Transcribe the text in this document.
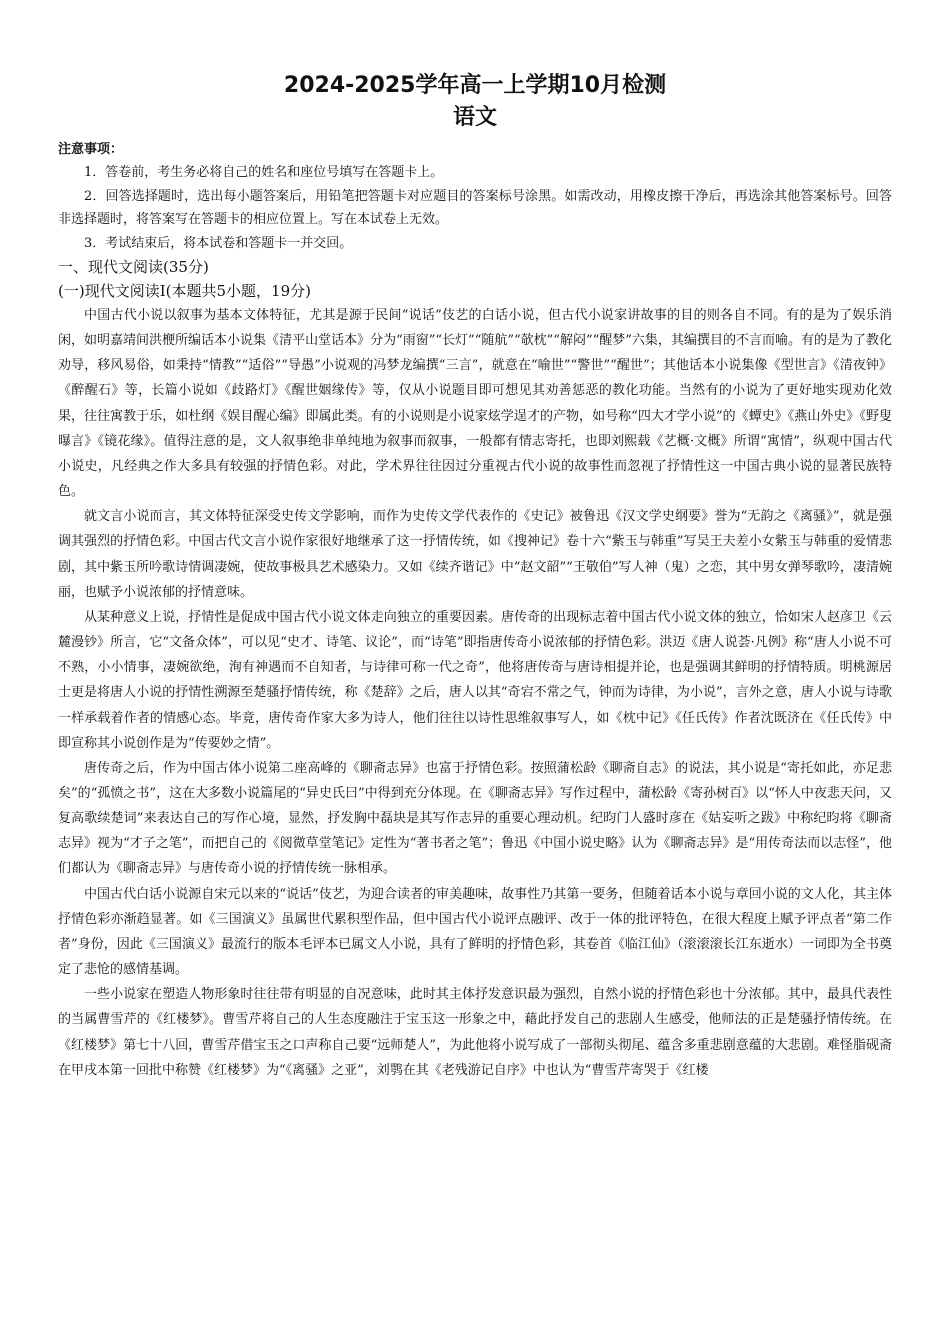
2024-2025学年高一上学期10月检测
语文

注意事项：

1．答卷前，考生务必将自己的姓名和座位号填写在答题卡上。

2．回答选择题时，选出每小题答案后，用铅笔把答题卡对应题目的答案标号涂黑。如需改动，用橡皮擦干净后，再选涂其他答案标号。回答非选择题时，将答案写在答题卡的相应位置上。写在本试卷上无效。

3．考试结束后，将本试卷和答题卡一并交回。

一、现代文阅读(35分)

(一)现代文阅读Ⅰ(本题共5小题，19分)

中国古代小说以叙事为基本文体特征，尤其是源于民间“说话”伎艺的白话小说，但古代小说家讲故事的目的则各自不同。有的是为了娱乐消闲，如明嘉靖间洪楩所编话本小说集《清平山堂话本》分为“雨窗”“长灯”“随航”“欹枕”“解闷”“醒梦”六集，其编撰目的不言而喻。有的是为了教化劝导，移风易俗，如秉持“情教”“适俗”“导愚”小说观的冯梦龙编撰“三言”，就意在“喻世”“警世”“醒世”；其他话本小说集像《型世言》《清夜钟》《醉醒石》等，长篇小说如《歧路灯》《醒世姻缘传》等，仅从小说题目即可想见其劝善惩恶的教化功能。当然有的小说为了更好地实现劝化效果，往往寓教于乐，如杜纲《娱目醒心编》即属此类。有的小说则是小说家炫学逞才的产物，如号称“四大才学小说”的《蟫史》《燕山外史》《野叟曝言》《镜花缘》。值得注意的是，文人叙事绝非单纯地为叙事而叙事，一般都有情志寄托，也即刘熙载《艺概·文概》所谓“寓情”，纵观中国古代小说史，凡经典之作大多具有较强的抒情色彩。对此，学术界往往因过分重视古代小说的故事性而忽视了抒情性这一中国古典小说的显著民族特色。

就文言小说而言，其文体特征深受史传文学影响，而作为史传文学代表作的《史记》被鲁迅《汉文学史纲要》誉为“无韵之《离骚》”，就是强调其强烈的抒情色彩。中国古代文言小说作家很好地继承了这一抒情传统，如《搜神记》卷十六“紫玉与韩重”写吴王夫差小女紫玉与韩重的爱情悲剧，其中紫玉所吟歌诗情调凄婉，使故事极具艺术感染力。又如《续齐谐记》中“赵文韶”“王敬伯”写人神（鬼）之恋，其中男女弹琴歌吟，凄清婉丽，也赋予小说浓郁的抒情意味。

从某种意义上说，抒情性是促成中国古代小说文体走向独立的重要因素。唐传奇的出现标志着中国古代小说文体的独立，恰如宋人赵彦卫《云麓漫钞》所言，它“文备众体”，可以见“史才、诗笔、议论”，而“诗笔”即指唐传奇小说浓郁的抒情色彩。洪迈《唐人说荟·凡例》称“唐人小说不可不熟，小小情事，凄婉欲绝，洵有神遇而不自知者，与诗律可称一代之奇”，他将唐传奇与唐诗相提并论，也是强调其鲜明的抒情特质。明桃源居士更是将唐人小说的抒情性溯源至楚骚抒情传统，称《楚辞》之后，唐人以其“奇宕不常之气，钟而为诗律，为小说”，言外之意，唐人小说与诗歌一样承载着作者的情感心态。毕竟，唐传奇作家大多为诗人，他们往往以诗性思维叙事写人，如《枕中记》《任氏传》作者沈既济在《任氏传》中即宣称其小说创作是为“传要妙之情”。

唐传奇之后，作为中国古体小说第二座高峰的《聊斋志异》也富于抒情色彩。按照蒲松龄《聊斋自志》的说法，其小说是“寄托如此，亦足悲矣”的“孤愤之书”，这在大多数小说篇尾的“异史氏曰”中得到充分体现。在《聊斋志异》写作过程中，蒲松龄《寄孙树百》以“怀人中夜悲天问，又复高歌续楚词”来表达自己的写作心境，显然，抒发胸中磊块是其写作志异的重要心理动机。纪昀门人盛时彦在《姑妄听之跋》中称纪昀将《聊斋志异》视为“才子之笔”，而把自己的《阅微草堂笔记》定性为“著书者之笔”；鲁迅《中国小说史略》认为《聊斋志异》是“用传奇法而以志怪”，他们都认为《聊斋志异》与唐传奇小说的抒情传统一脉相承。

中国古代白话小说源自宋元以来的“说话”伎艺，为迎合读者的审美趣味，故事性乃其第一要务，但随着话本小说与章回小说的文人化，其主体抒情色彩亦渐趋显著。如《三国演义》虽属世代累积型作品，但中国古代小说评点融评、改于一体的批评特色，在很大程度上赋予评点者“第二作者”身份，因此《三国演义》最流行的版本毛评本已属文人小说，具有了鲜明的抒情色彩，其卷首《临江仙》（滚滚滚长江东逝水）一词即为全书奠定了悲怆的感情基调。

一些小说家在塑造人物形象时往往带有明显的自况意味，此时其主体抒发意识最为强烈，自然小说的抒情色彩也十分浓郁。其中，最具代表性的当属曹雪芹的《红楼梦》。曹雪芹将自己的人生态度融注于宝玉这一形象之中，藉此抒发自己的悲剧人生感受，他师法的正是楚骚抒情传统。在《红楼梦》第七十八回，曹雪芹借宝玉之口声称自己要“远师楚人”，为此他将小说写成了一部彻头彻尾、蕴含多重悲剧意蕴的大悲剧。难怪脂砚斋在甲戌本第一回批中称赞《红楼梦》为“《离骚》之亚”，刘鹗在其《老残游记自序》中也认为“曹雪芹寄哭于《红楼
